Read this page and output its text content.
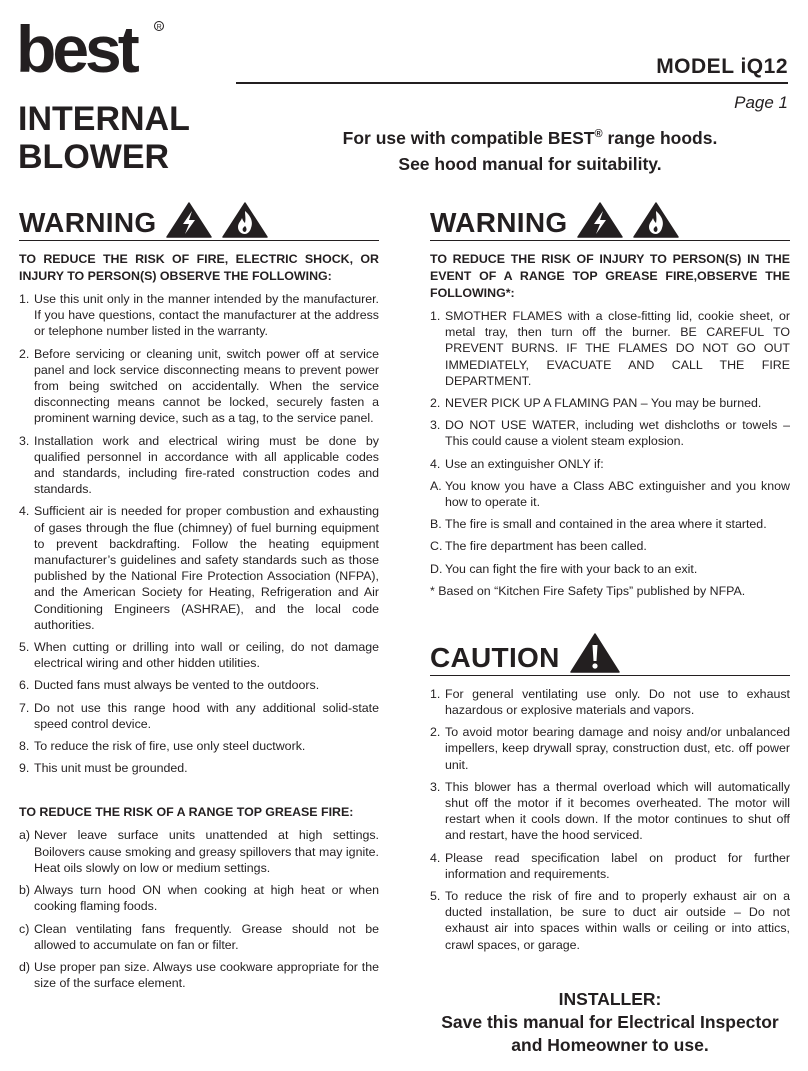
best	R
MODEL iQ12
Page 1
INTERNAL
BLOWER
For use with compatible BEST® range hoods.
See hood manual for suitability.
WARNING
TO REDUCE THE RISK OF FIRE, ELECTRIC SHOCK, OR INJURY TO PERSON(S) OBSERVE THE FOLLOWING:
1. Use this unit only in the manner intended by the manufacturer. If you have questions, contact the manufacturer at the address or telephone number listed in the warranty.
2. Before servicing or cleaning unit, switch power off at service panel and lock service disconnecting means to prevent power from being switched on accidentally. When the service disconnecting means cannot be locked, securely fasten a prominent warning device, such as a tag, to the service panel.
3. Installation work and electrical wiring must be done by qualified personnel in accordance with all applicable codes and standards, including fire-rated construction codes and standards.
4. Sufficient air is needed for proper combustion and exhausting of gases through the flue (chimney) of fuel burning equipment to prevent backdrafting. Follow the heating equipment manufacturer’s guidelines and safety standards such as those published by the National Fire Protection Association (NFPA), and the American Society for Heating, Refrigeration and Air Conditioning Engineers (ASHRAE), and the local code authorities.
5. When cutting or drilling into wall or ceiling, do not damage electrical wiring and other hidden utilities.
6. Ducted fans must always be vented to the outdoors.
7. Do not use this range hood with any additional solid-state speed control device.
8. To reduce the risk of fire, use only steel ductwork.
9. This unit must be grounded.
TO REDUCE THE RISK OF A RANGE TOP GREASE FIRE:
a) Never leave surface units unattended at high settings. Boilovers cause smoking and greasy spillovers that may ignite. Heat oils slowly on low or medium settings.
b) Always turn hood ON when cooking at high heat or when cooking flaming foods.
c) Clean ventilating fans frequently. Grease should not be allowed to accumulate on fan or filter.
d) Use proper pan size. Always use cookware appropriate for the size of the surface element.
WARNING
TO REDUCE THE RISK OF INJURY TO PERSON(S) IN THE EVENT OF A RANGE TOP GREASE FIRE,OBSERVE THE FOLLOWING*:
1. SMOTHER FLAMES with a close-fitting lid, cookie sheet, or metal tray, then turn off the burner. BE CAREFUL TO PREVENT BURNS. IF THE FLAMES DO NOT GO OUT IMMEDIATELY, EVACUATE AND CALL THE FIRE DEPARTMENT.
2. NEVER PICK UP A FLAMING PAN – You may be burned.
3. DO NOT USE WATER, including wet dishcloths or towels – This could cause a violent steam explosion.
4. Use an extinguisher ONLY if:
A. You know you have a Class ABC extinguisher and you know how to operate it.
B. The fire is small and contained in the area where it started.
C. The fire department has been called.
D. You can fight the fire with your back to an exit.
* Based on “Kitchen Fire Safety Tips” published by NFPA.
CAUTION
1. For general ventilating use only. Do not use to exhaust hazardous or explosive materials and vapors.
2. To avoid motor bearing damage and noisy and/or unbalanced impellers, keep drywall spray, construction dust, etc. off power unit.
3. This blower has a thermal overload which will automatically shut off the motor if it becomes overheated. The motor will restart when it cools down. If the motor continues to shut off and restart, have the hood serviced.
4. Please read specification label on product for further information and requirements.
5. To reduce the risk of fire and to properly exhaust air on a ducted installation, be sure to duct air outside – Do not exhaust air into spaces within walls or ceiling or into attics, crawl spaces, or garage.
INSTALLER:
Save this manual for Electrical Inspector
and Homeowner to use.
